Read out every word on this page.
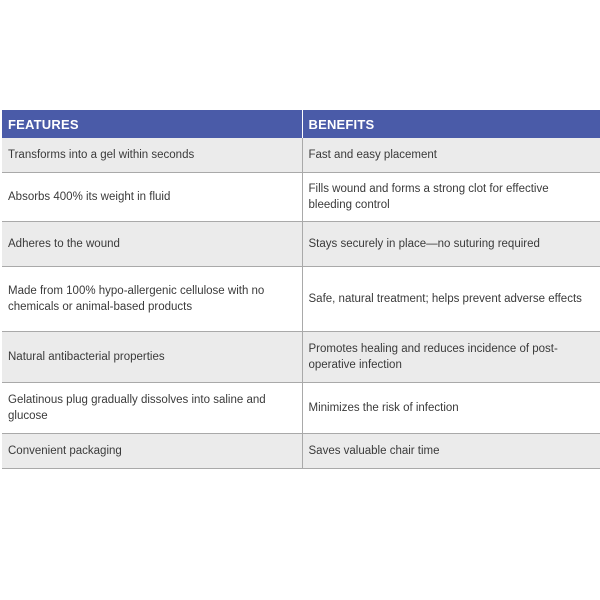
FEATURES	BENEFITS
Transforms into a gel within seconds	Fast and easy placement
Absorbs 400% its weight in fluid	Fills wound and forms a strong clot for effective bleeding control
Adheres to the wound	Stays securely in place—no suturing required
Made from 100% hypo-allergenic cellulose with no chemicals or animal-based products	Safe, natural treatment; helps prevent adverse effects
Natural antibacterial properties	Promotes healing and reduces incidence of post-operative infection
Gelatinous plug gradually dissolves into saline and glucose	Minimizes the risk of infection
Convenient packaging	Saves valuable chair time
